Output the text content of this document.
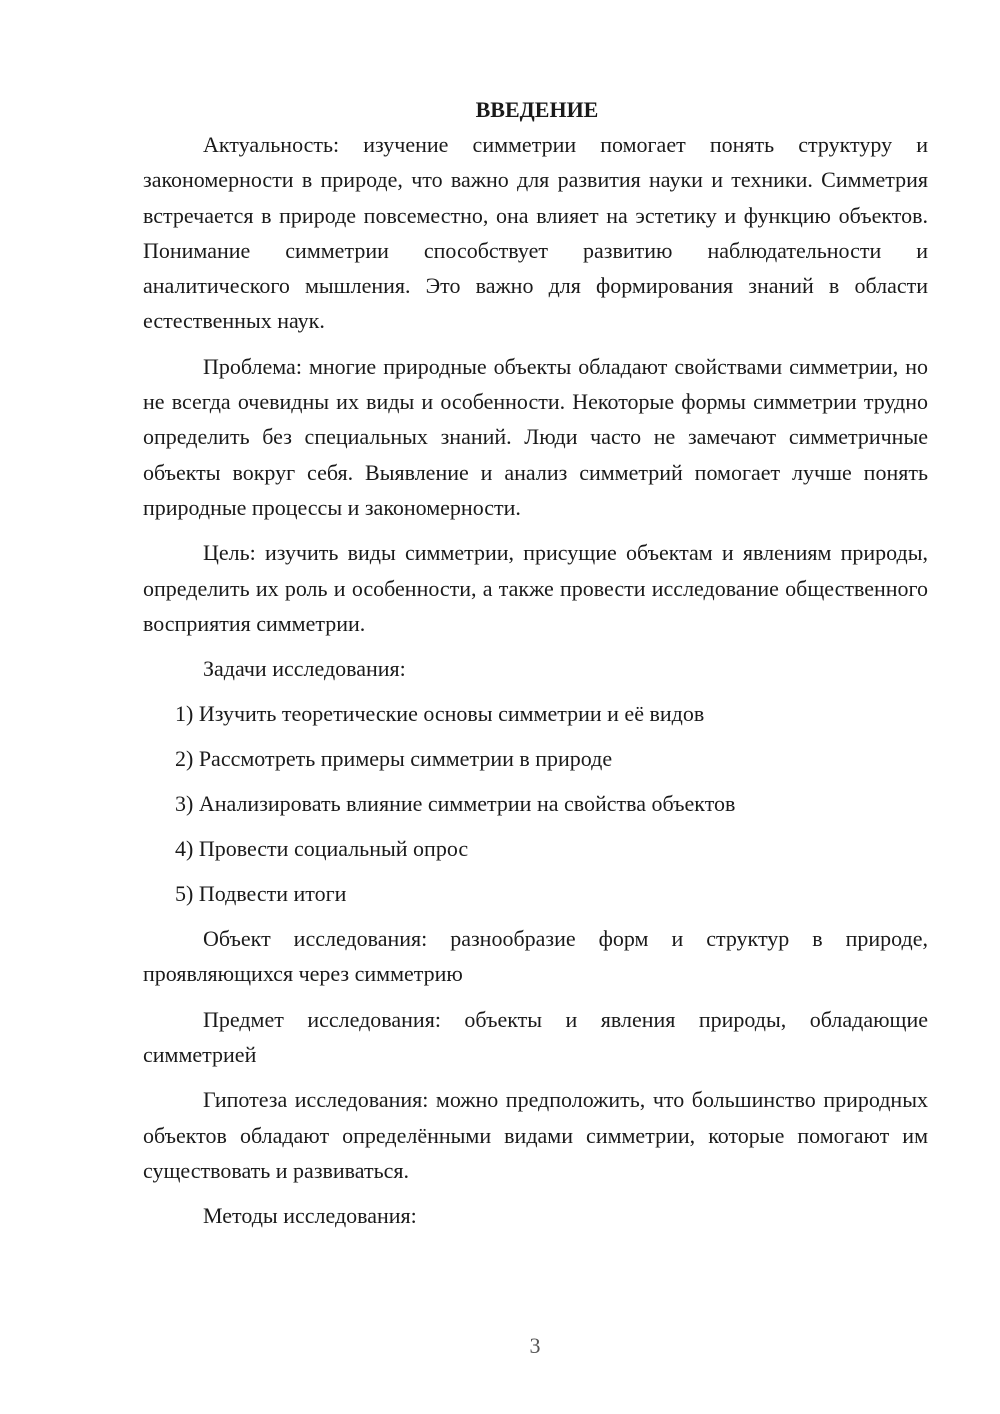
ВВЕДЕНИЕ

Актуальность: изучение симметрии помогает понять структуру и закономерности в природе, что важно для развития науки и техники. Симметрия встречается в природе повсеместно, она влияет на эстетику и функцию объектов. Понимание симметрии способствует развитию наблюдательности и аналитического мышления. Это важно для формирования знаний в области естественных наук.

Проблема: многие природные объекты обладают свойствами симметрии, но не всегда очевидны их виды и особенности. Некоторые формы симметрии трудно определить без специальных знаний. Люди часто не замечают симметричные объекты вокруг себя. Выявление и анализ симметрий помогает лучше понять природные процессы и закономерности.

Цель: изучить виды симметрии, присущие объектам и явлениям природы, определить их роль и особенности, а также провести исследование общественного восприятия симметрии.

Задачи исследования:

1) Изучить теоретические основы симметрии и её видов
2) Рассмотреть примеры симметрии в природе
3) Анализировать влияние симметрии на свойства объектов
4) Провести социальный опрос
5) Подвести итоги

Объект исследования: разнообразие форм и структур в природе, проявляющихся через симметрию

Предмет исследования: объекты и явления природы, обладающие симметрией

Гипотеза исследования: можно предположить, что большинство природных объектов обладают определёнными видами симметрии, которые помогают им существовать и развиваться.

Методы исследования:

3
